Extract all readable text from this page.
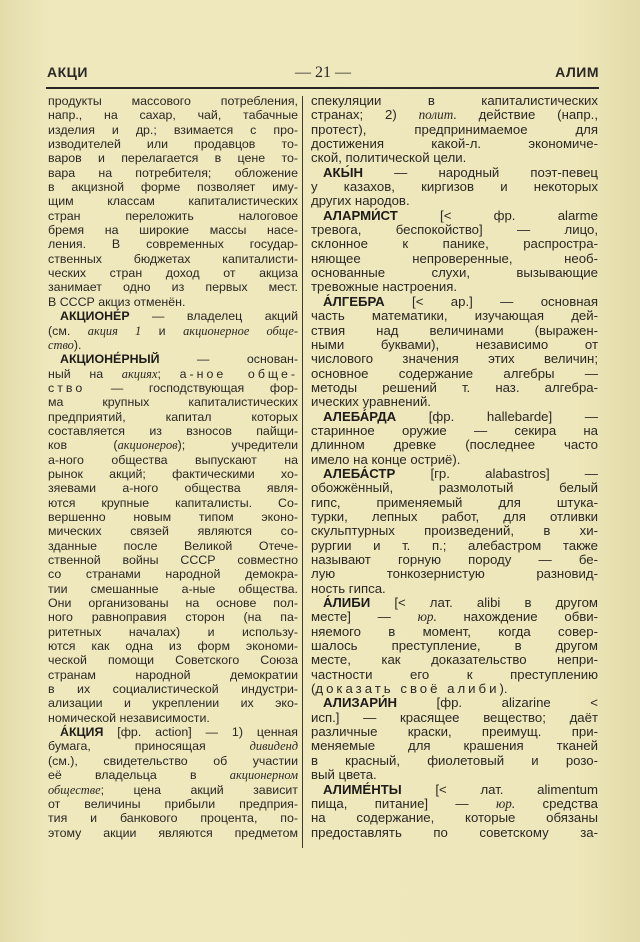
АКЦИ	— 21 —	АЛИМ
продукты массового потребления,
напр., на сахар, чай, табачные
изделия и др.; взимается с про-
изводителей или продавцов то-
варов и перелагается в цене то-
вара на потребителя; обложение
в акцизной форме позволяет иму-
щим классам капиталистических
стран переложить налоговое
бремя на широкие массы насе-
ления. В современных государ-
ственных бюджетах капиталисти-
ческих стран доход от акциза
занимает одно из первых мест.
В СССР акциз отменён.
АКЦИОНЕ́Р — владелец акций
(см. акция 1 и акционерное обще-
ство).
АКЦИОНЕ́РНЫЙ — основан-
ный на акциях; а-ное обще-
ство — господствующая фор-
ма крупных капиталистических
предприятий, капитал которых
составляется из взносов пайщи-
ков (акционеров); учредители
а-ного общества выпускают на
рынок акций; фактическими хо-
зяевами а-ного общества явля-
ются крупные капиталисты. Со-
вершенно новым типом эконо-
мических связей являются со-
зданные после Великой Отече-
ственной войны СССР совместно
со странами народной демокра-
тии смешанные а-ные общества.
Они организованы на основе пол-
ного равноправия сторон (на па-
ритетных началах) и использу-
ются как одна из форм экономи-
ческой помощи Советского Союза
странам народной демократии
в их социалистической индустри-
ализации и укреплении их эко-
номической независимости.
А́КЦИЯ [фр. action] — 1) ценная
бумага, приносящая дивиденд
(см.), свидетельство об участии
её владельца в акционерном
обществе; цена акций зависит
от величины прибыли предприя-
тия и банкового процента, по-
этому акции являются предметом
спекуляции в капиталистических
странах; 2) полит. действие (напр.,
протест), предпринимаемое для
достижения какой-л. экономиче-
ской, политической цели.
АКЫ́Н — народный поэт-певец
у казахов, киргизов и некоторых
других народов.
АЛАРМИ́СТ [< фр. alarme
тревога, беспокойство] — лицо,
склонное к панике, распростра-
няющее непроверенные, необ-
основанные слухи, вызывающие
тревожные настроения.
А́ЛГЕБРА [< ар.] — основная
часть математики, изучающая дей-
ствия над величинами (выражен-
ными буквами), независимо от
числового значения этих величин;
основное содержание алгебры —
методы решений т. наз. алгебра-
ических уравнений.
АЛЕБА́РДА [фр. hallebarde] —
старинное оружие — секира на
длинном древке (последнее часто
имело на конце остриё).
АЛЕБА́СТР [гр. alabastros] —
обожжённый, размолотый белый
гипс, применяемый для штука-
турки, лепных работ, для отливки
скульптурных произведений, в хи-
рургии и т. п.; алебастром также
называют горную породу — бе-
лую тонкозернистую разновид-
ность гипса.
А́ЛИБИ [< лат. alibi в другом
месте] — юр. нахождение обви-
няемого в момент, когда совер-
шалось преступление, в другом
месте, как доказательство непри-
частности его к преступлению
(доказать своё алиби).
АЛИЗАРИ́Н [фр. alizarine <
исп.] — красящее вещество; даёт
различные краски, преимущ. при-
меняемые для крашения тканей
в красный, фиолетовый и розо-
вый цвета.
АЛИМЕ́НТЫ [< лат. alimentum
пища, питание] — юр. средства
на содержание, которые обязаны
предоставлять по советскому за-
